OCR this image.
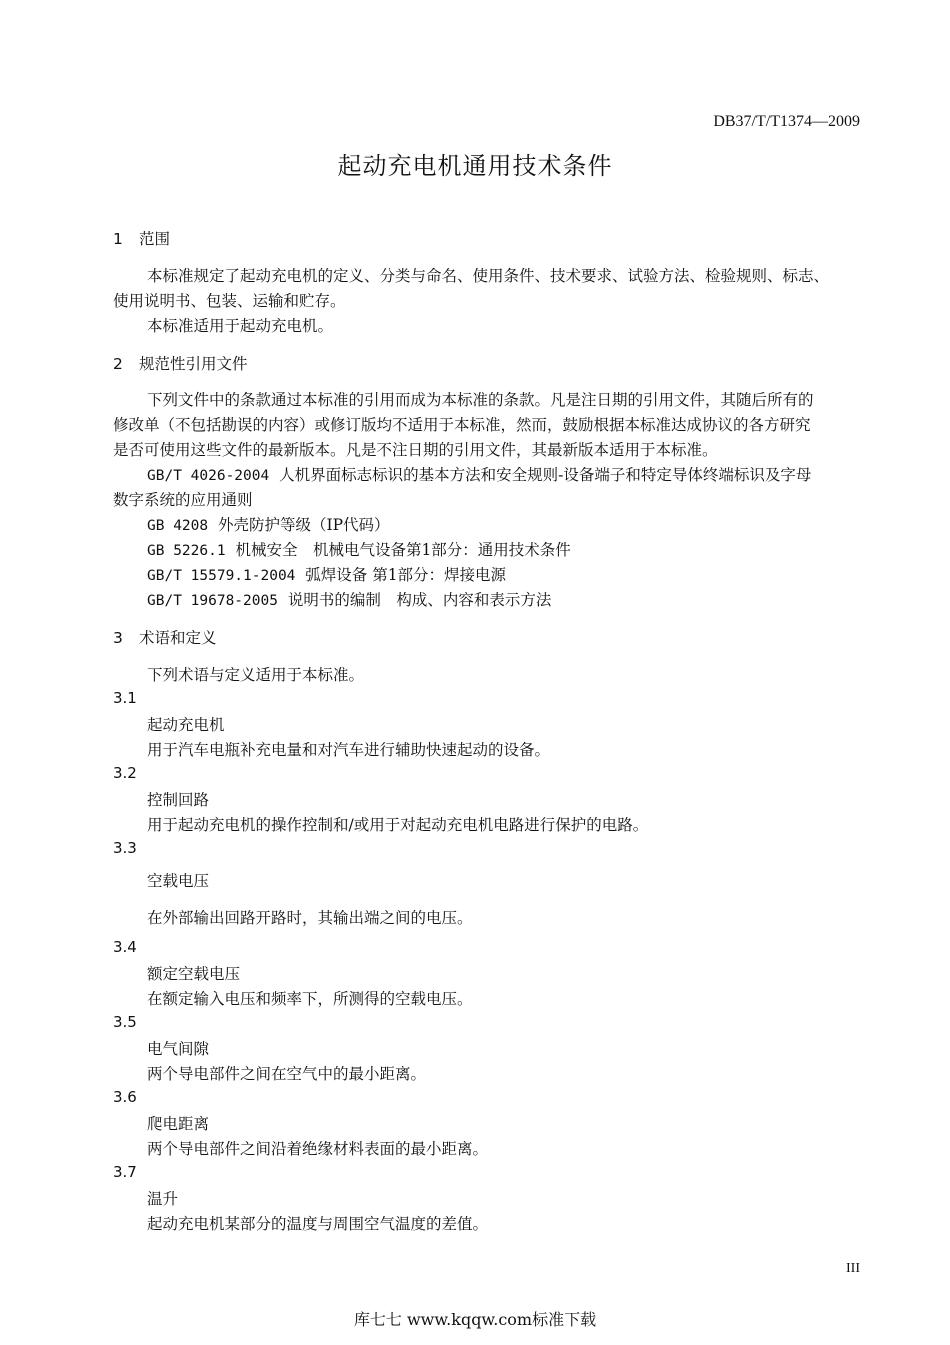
DB37/T/T1374—2009
起动充电机通用技术条件
1 范围
本标准规定了起动充电机的定义、分类与命名、使用条件、技术要求、试验方法、检验规则、标志、
使用说明书、包装、运输和贮存。
本标准适用于起动充电机。
2 规范性引用文件
下列文件中的条款通过本标准的引用而成为本标准的条款。凡是注日期的引用文件，其随后所有的
修改单（不包括勘误的内容）或修订版均不适用于本标准，然而，鼓励根据本标准达成协议的各方研究
是否可使用这些文件的最新版本。凡是不注日期的引用文件，其最新版本适用于本标准。
GB/T 4026-2004 人机界面标志标识的基本方法和安全规则-设备端子和特定导体终端标识及字母
数字系统的应用通则
GB 4208 外壳防护等级（IP代码）
GB 5226.1 机械安全　机械电气设备第1部分：通用技术条件
GB/T 15579.1-2004 弧焊设备 第1部分：焊接电源
GB/T 19678-2005 说明书的编制　构成、内容和表示方法
3 术语和定义
下列术语与定义适用于本标准。
3.1
起动充电机
用于汽车电瓶补充电量和对汽车进行辅助快速起动的设备。
3.2
控制回路
用于起动充电机的操作控制和/或用于对起动充电机电路进行保护的电路。
3.3
空载电压
在外部输出回路开路时，其输出端之间的电压。
3.4
额定空载电压
在额定输入电压和频率下，所测得的空载电压。
3.5
电气间隙
两个导电部件之间在空气中的最小距离。
3.6
爬电距离
两个导电部件之间沿着绝缘材料表面的最小距离。
3.7
温升
起动充电机某部分的温度与周围空气温度的差值。
III
库七七 www.kqqw.com标准下载
